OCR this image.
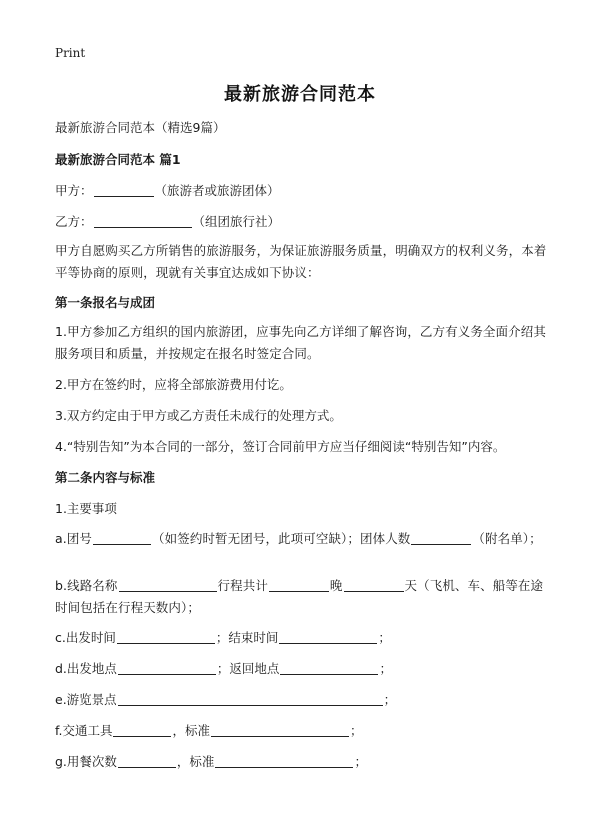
Print
最新旅游合同范本
最新旅游合同范本（精选9篇）
最新旅游合同范本 篇1
甲方：	（旅游者或旅游团体）
乙方：	（组团旅行社）
甲方自愿购买乙方所销售的旅游服务，为保证旅游服务质量，明确双方的权利义务，本着平等协商的原则，现就有关事宜达成如下协议：
第一条报名与成团
1.甲方参加乙方组织的国内旅游团，应事先向乙方详细了解咨询，乙方有义务全面介绍其服务项目和质量，并按规定在报名时签定合同。
2.甲方在签约时，应将全部旅游费用付讫。
3.双方约定由于甲方或乙方责任未成行的处理方式。
4.“特别告知”为本合同的一部分，签订合同前甲方应当仔细阅读“特别告知”内容。
第二条内容与标准
1.主要事项
a.团号	（如签约时暂无团号，此项可空缺）；团体人数	（附名单）；
b.线路名称	行程共计	晚	天（飞机、车、船等在途时间包括在行程天数内）；
c.出发时间	；结束时间	；
d.出发地点	；返回地点	；
e.游览景点	；
f.交通工具	，标准	；
g.用餐次数	，标准	；
